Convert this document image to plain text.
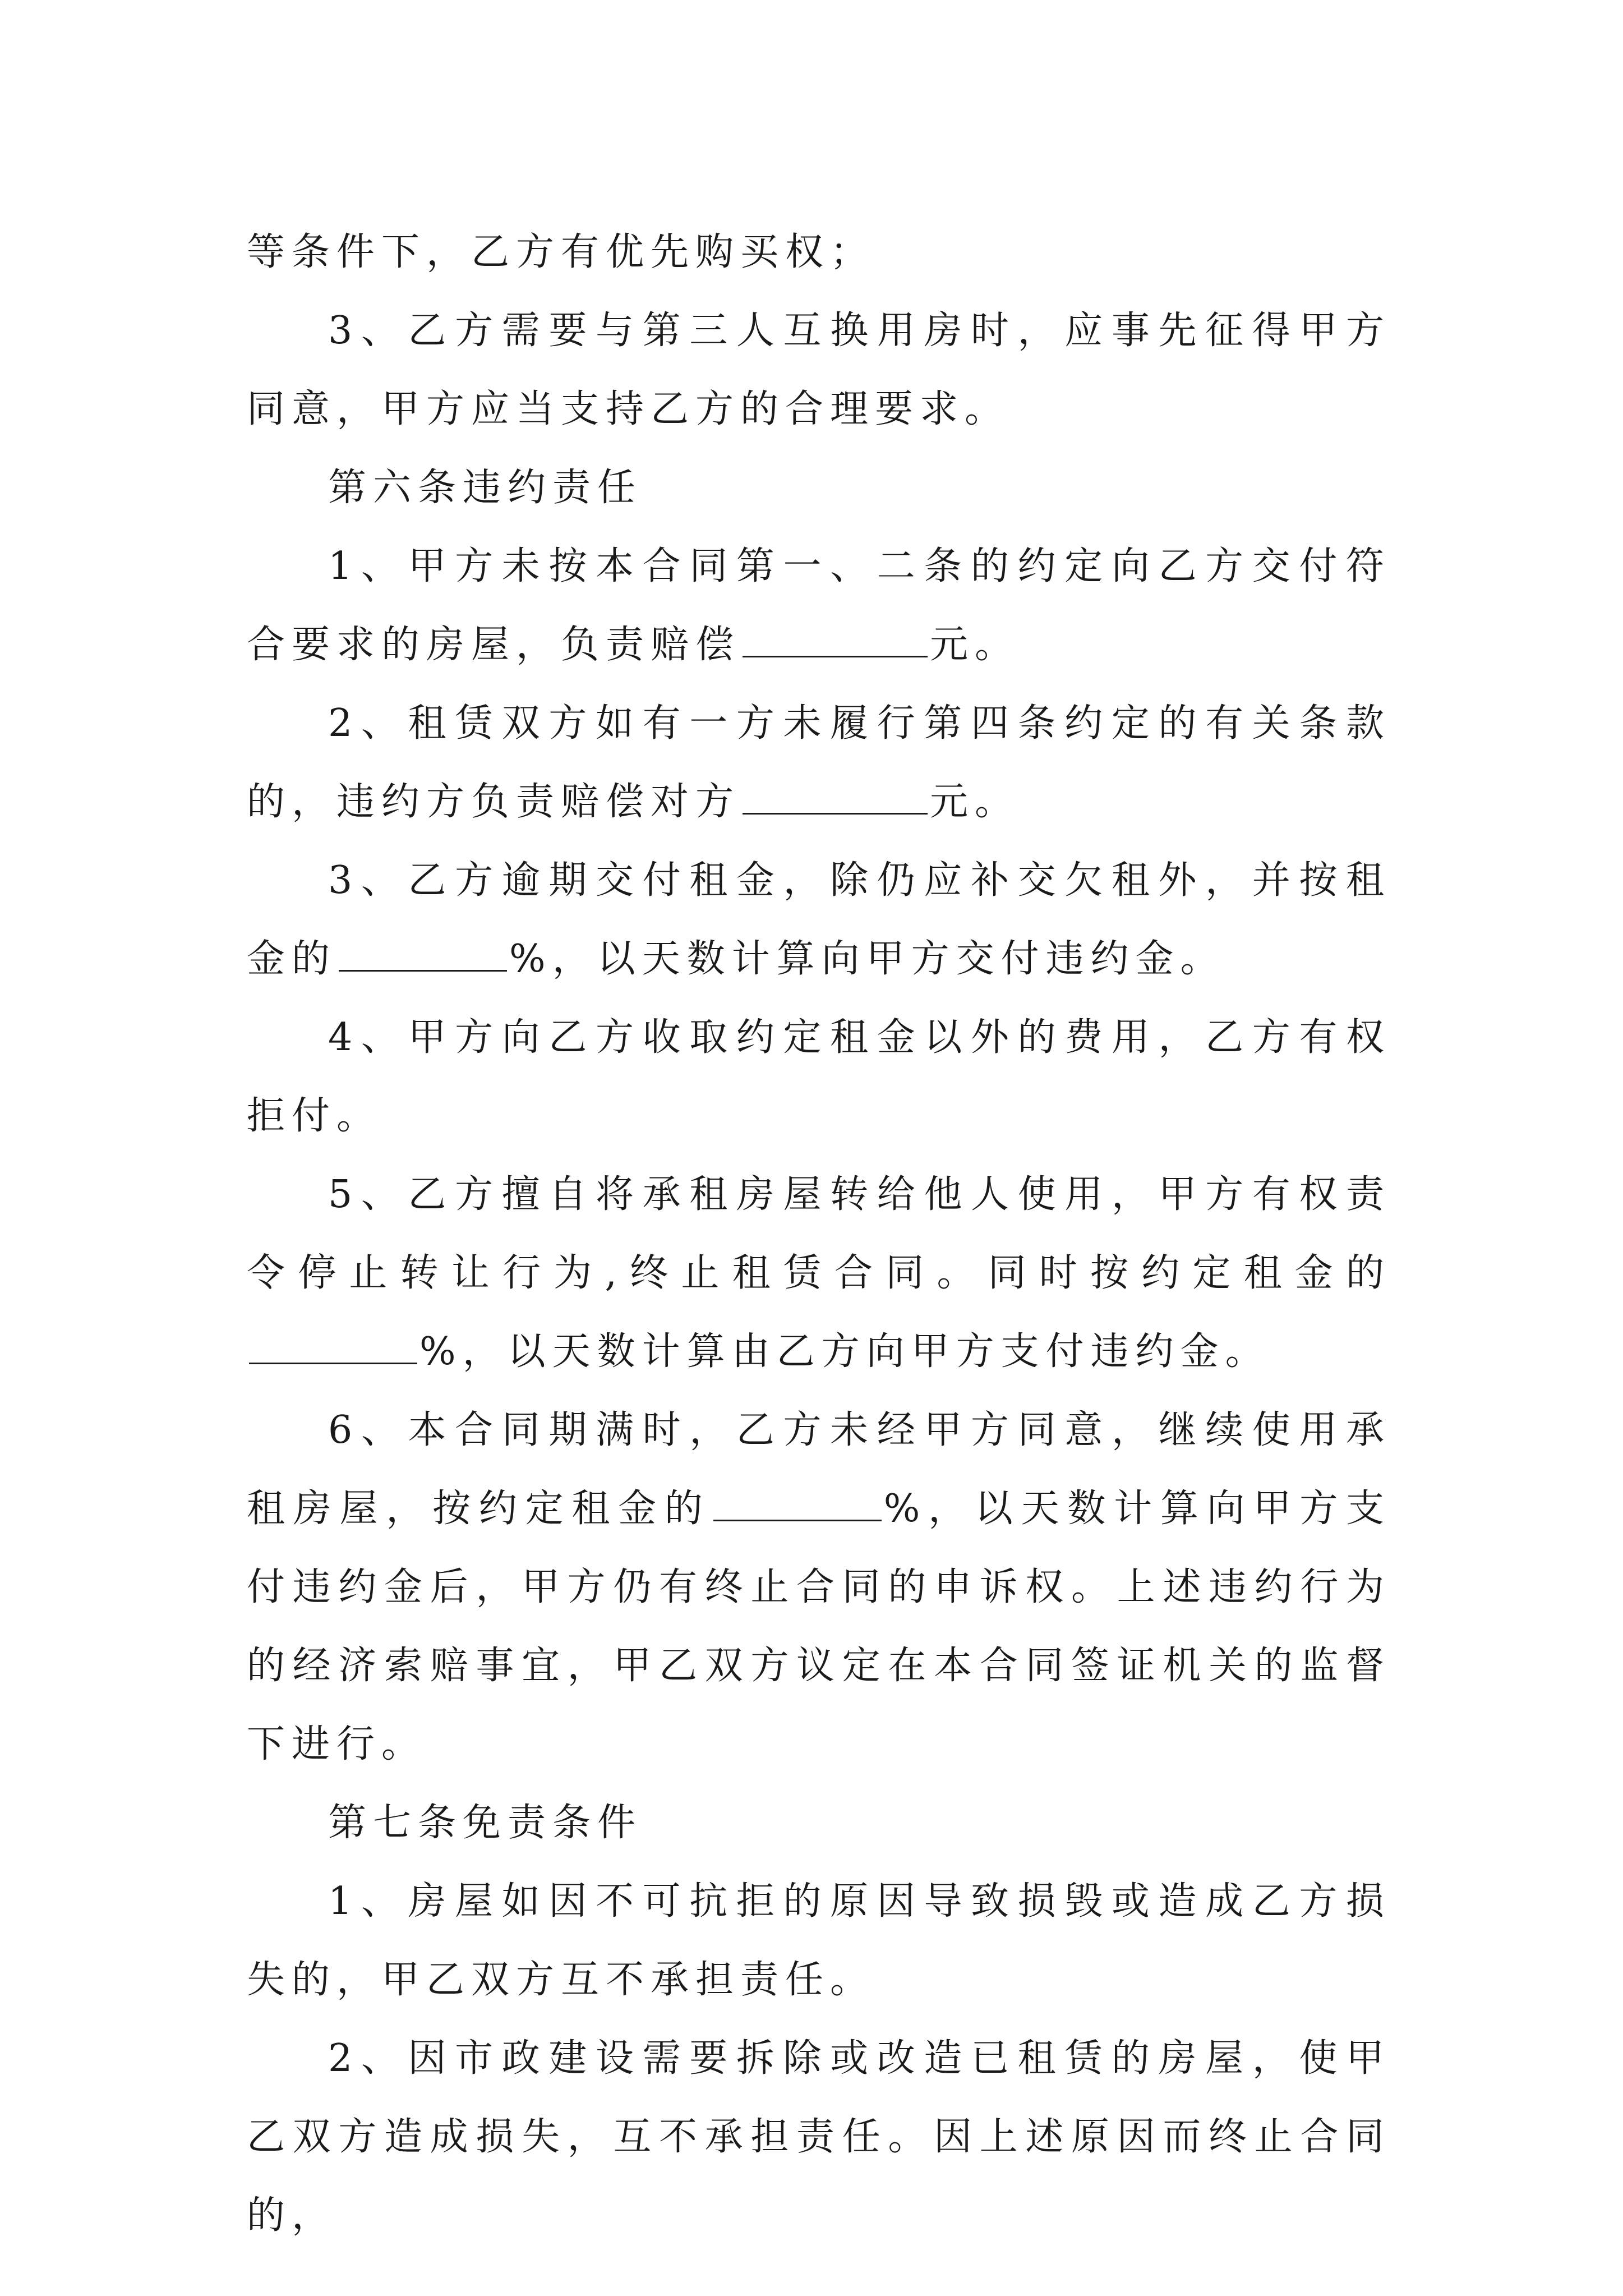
等条件下，乙方有优先购买权；

3、乙方需要与第三人互换用房时，应事先征得甲方同意，甲方应当支持乙方的合理要求。

第六条违约责任

1、甲方未按本合同第一、二条的约定向乙方交付符合要求的房屋，负责赔偿	元。

2、租赁双方如有一方未履行第四条约定的有关条款的，违约方负责赔偿对方	元。

3、乙方逾期交付租金，除仍应补交欠租外，并按租金的	%，以天数计算向甲方交付违约金。

4、甲方向乙方收取约定租金以外的费用，乙方有权拒付。

5、乙方擅自将承租房屋转给他人使用，甲方有权责令停止转让行为,终止租赁合同。同时按约定租金的%，以天数计算由乙方向甲方支付违约金。

6、本合同期满时，乙方未经甲方同意，继续使用承租房屋，按约定租金的	%，以天数计算向甲方支付违约金后，甲方仍有终止合同的申诉权。上述违约行为的经济索赔事宜，甲乙双方议定在本合同签证机关的监督下进行。

第七条免责条件

1、房屋如因不可抗拒的原因导致损毁或造成乙方损失的，甲乙双方互不承担责任。

2、因市政建设需要拆除或改造已租赁的房屋，使甲乙双方造成损失，互不承担责任。因上述原因而终止合同的，
